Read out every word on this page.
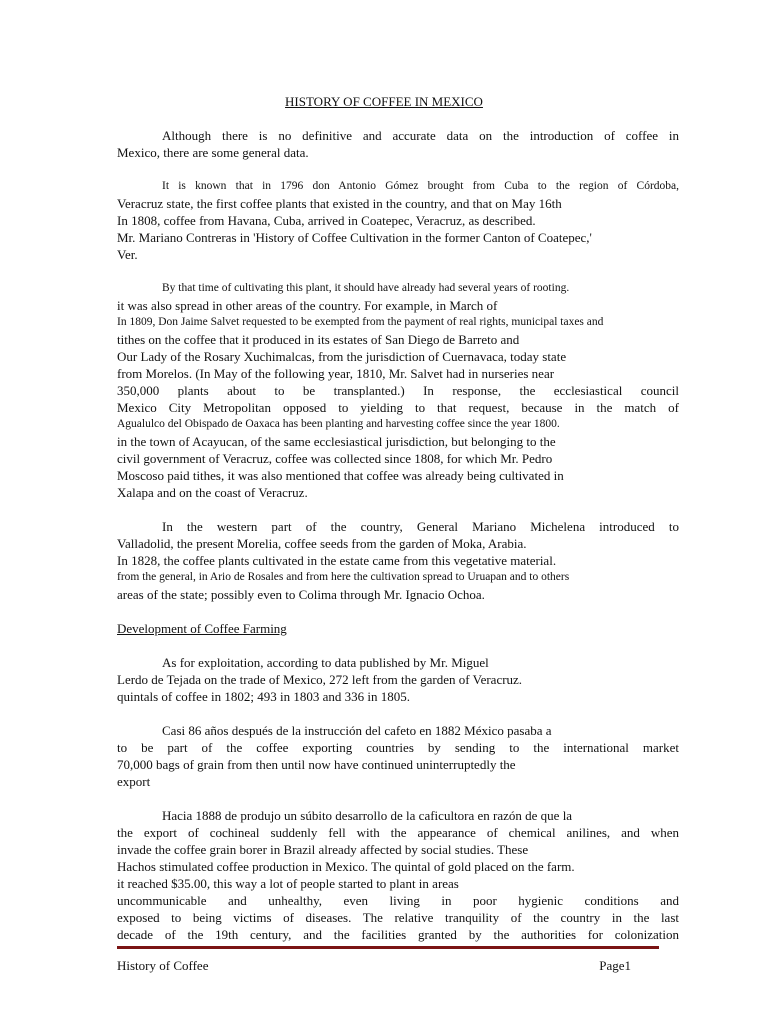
HISTORY OF COFFEE IN MEXICO

Although there is no definitive and accurate data on the introduction of coffee in
Mexico, there are some general data.

It is known that in 1796 don Antonio Gómez brought from Cuba to the region of Córdoba,
Veracruz state, the first coffee plants that existed in the country, and that on May 16th
In 1808, coffee from Havana, Cuba, arrived in Coatepec, Veracruz, as described.
Mr. Mariano Contreras in 'History of Coffee Cultivation in the former Canton of Coatepec,'
Ver.

By that time of cultivating this plant, it should have already had several years of rooting.
it was also spread in other areas of the country. For example, in March of
In 1809, Don Jaime Salvet requested to be exempted from the payment of real rights, municipal taxes and
tithes on the coffee that it produced in its estates of San Diego de Barreto and
Our Lady of the Rosary Xuchimalcas, from the jurisdiction of Cuernavaca, today state
from Morelos. (In May of the following year, 1810, Mr. Salvet had in nurseries near
350,000 plants about to be transplanted.) In response, the ecclesiastical council
Mexico City Metropolitan opposed to yielding to that request, because in the match of
Agualulco del Obispado de Oaxaca has been planting and harvesting coffee since the year 1800.
in the town of Acayucan, of the same ecclesiastical jurisdiction, but belonging to the
civil government of Veracruz, coffee was collected since 1808, for which Mr. Pedro
Moscoso paid tithes, it was also mentioned that coffee was already being cultivated in
Xalapa and on the coast of Veracruz.

In the western part of the country, General Mariano Michelena introduced to
Valladolid, the present Morelia, coffee seeds from the garden of Moka, Arabia.
In 1828, the coffee plants cultivated in the estate came from this vegetative material.
from the general, in Ario de Rosales and from here the cultivation spread to Uruapan and to others
areas of the state; possibly even to Colima through Mr. Ignacio Ochoa.

Development of Coffee Farming

As for exploitation, according to data published by Mr. Miguel
Lerdo de Tejada on the trade of Mexico, 272 left from the garden of Veracruz.
quintals of coffee in 1802; 493 in 1803 and 336 in 1805.

Casi 86 años después de la instrucción del cafeto en 1882 México pasaba a
to be part of the coffee exporting countries by sending to the international market
70,000 bags of grain from then until now have continued uninterruptedly the
export

Hacia 1888 de produjo un súbito desarrollo de la caficultora en razón de que la
the export of cochineal suddenly fell with the appearance of chemical anilines, and when
invade the coffee grain borer in Brazil already affected by social studies. These
Hachos stimulated coffee production in Mexico. The quintal of gold placed on the farm.
it reached $35.00, this way a lot of people started to plant in areas
uncommunicable and unhealthy, even living in poor hygienic conditions and
exposed to being victims of diseases. The relative tranquility of the country in the last
decade of the 19th century, and the facilities granted by the authorities for colonization

History of Coffee	Page1
